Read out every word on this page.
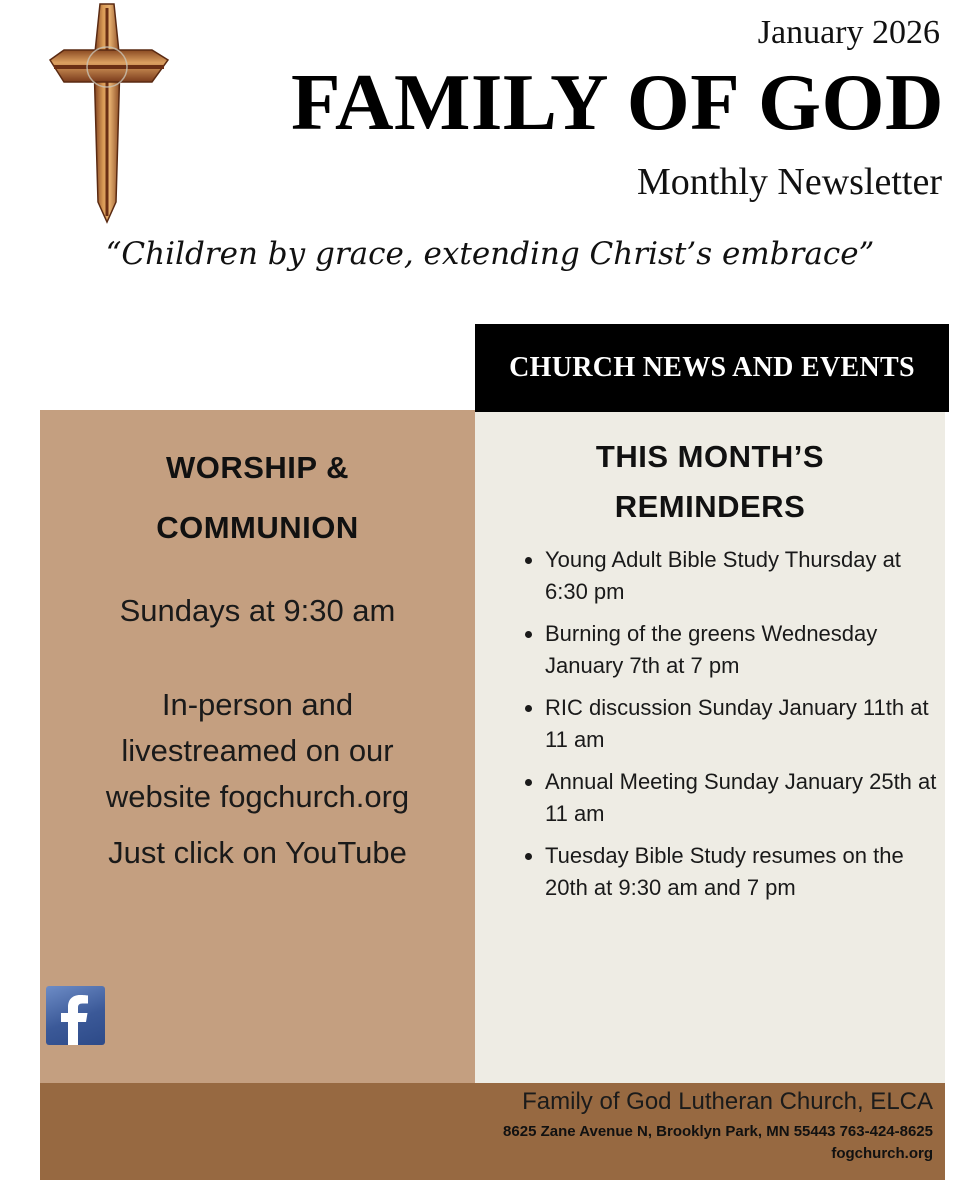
January 2026
FAMILY OF GOD
Monthly Newsletter
“Children by grace, extending Christ’s embrace”
CHURCH NEWS AND EVENTS
WORSHIP &
COMMUNION
Sundays at 9:30 am
In-person and
livestreamed on our
website fogchurch.org
Just click on YouTube
THIS MONTH’S
REMINDERS
• Young Adult Bible Study Thursday at 6:30 pm
• Burning of the greens Wednesday January 7th at 7 pm
• RIC discussion Sunday January 11th at 11 am
• Annual Meeting Sunday January 25th at 11 am
• Tuesday Bible Study resumes on the 20th at 9:30 am and 7 pm
Family of God Lutheran Church, ELCA
8625 Zane Avenue N, Brooklyn Park, MN 55443 763-424-8625
fogchurch.org
